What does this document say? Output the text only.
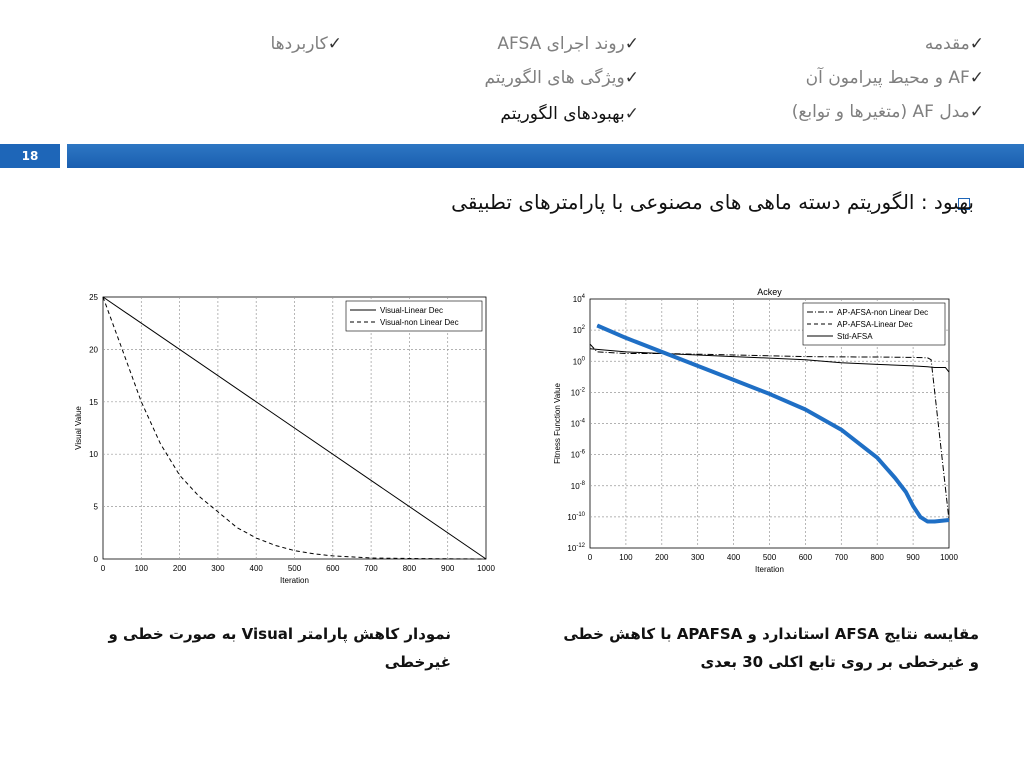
✓مقدمه
✓AF و محیط پیرامون آن
✓مدل AF (متغیرها و توابع)
✓روند اجرای AFSA
✓ویژگی های الگوریتم
✓بهبودهای الگوریتم
✓کاربردها
18
بهبود : الگوریتم دسته ماهی های مصنوعی با پارامترهای تطبیقی
0	100	200	300	400	500	600	700	800	900	1000
0
5
10
15
20
25
Visual-Linear Dec
Visual-non Linear Dec
Iteration
Visual Value
0	100	200	300	400	500	600	700	800	900	1000
$10^4$
$10^2$
$10^0$
$10^{-2}$
$10^{-4}$
$10^{-6}$
$10^{-8}$
$10^{-10}$
$10^{-12}$
AP-AFSA-non Linear Dec
AP-AFSA-Linear Dec
Std-AFSA
Ackey
Iteration
Fitness Function Value
نمودار کاهش پارامتر Visual به صورت خطی و غیرخطی
مقایسه نتایج AFSA استاندارد و APAFSA با کاهش خطی و غیرخطی بر روی تابع اکلی 30 بعدی
